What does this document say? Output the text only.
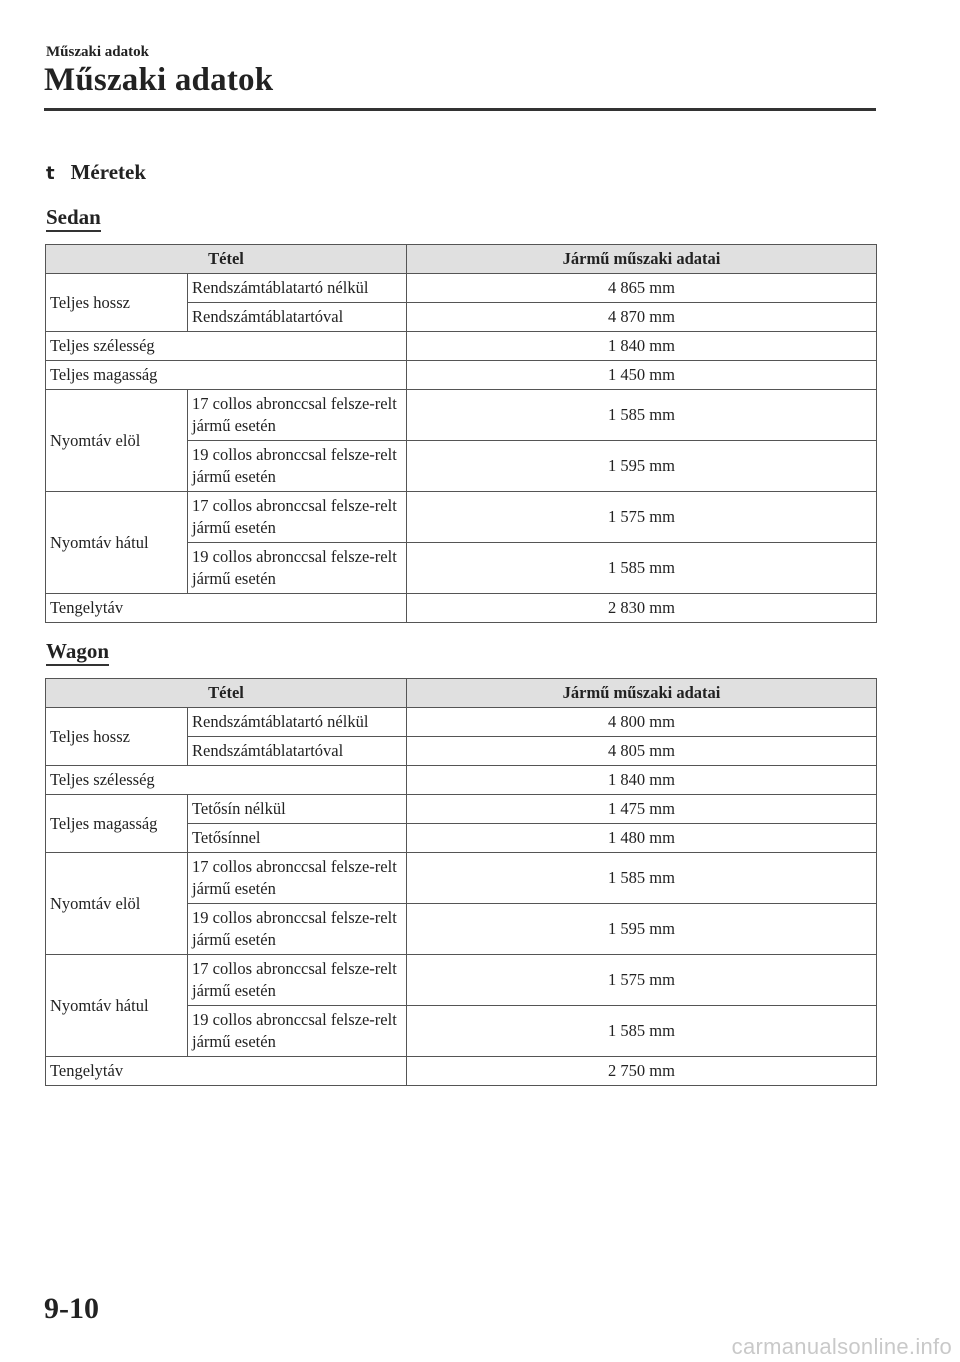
Műszaki adatok
Műszaki adatok
t Méretek
Sedan
Tétel		Jármű műszaki adatai
Teljes hossz	Rendszámtáblatartó nélkül	4 865 mm
	Rendszámtáblatartóval	4 870 mm
Teljes szélesség		1 840 mm
Teljes magasság		1 450 mm
Nyomtáv elöl	17 collos abronccsal felsze-relt jármű esetén	1 585 mm
	19 collos abronccsal felsze-relt jármű esetén	1 595 mm
Nyomtáv hátul	17 collos abronccsal felsze-relt jármű esetén	1 575 mm
	19 collos abronccsal felsze-relt jármű esetén	1 585 mm
Tengelytáv		2 830 mm
Wagon
Tétel		Jármű műszaki adatai
Teljes hossz	Rendszámtáblatartó nélkül	4 800 mm
	Rendszámtáblatartóval	4 805 mm
Teljes szélesség		1 840 mm
Teljes magasság	Tetősín nélkül	1 475 mm
	Tetősínnel	1 480 mm
Nyomtáv elöl	17 collos abronccsal felsze-relt jármű esetén	1 585 mm
	19 collos abronccsal felsze-relt jármű esetén	1 595 mm
Nyomtáv hátul	17 collos abronccsal felsze-relt jármű esetén	1 575 mm
	19 collos abronccsal felsze-relt jármű esetén	1 585 mm
Tengelytáv		2 750 mm
9-10
carmanualsonline.info
